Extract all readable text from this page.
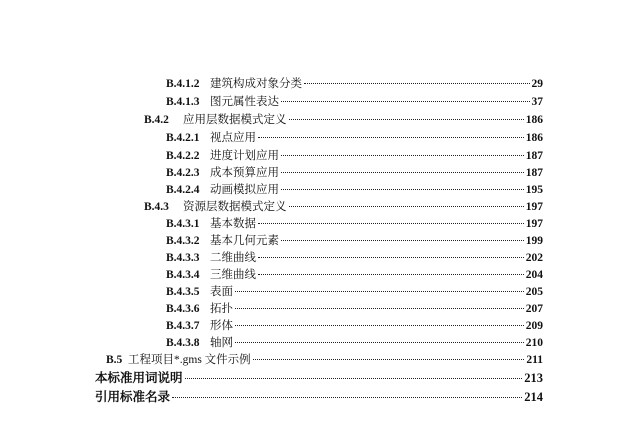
B.4.1.2 建筑构成对象分类	29
B.4.1.3 图元属性表达	37
B.4.2	应用层数据模式定义	186
B.4.2.1 视点应用	186
B.4.2.2 进度计划应用	187
B.4.2.3 成本预算应用	187
B.4.2.4 动画模拟应用	195
B.4.3	资源层数据模式定义	197
B.4.3.1 基本数据	197
B.4.3.2 基本几何元素	199
B.4.3.3 二维曲线	202
B.4.3.4 三维曲线	204
B.4.3.5 表面	205
B.4.3.6 拓扑	207
B.4.3.7 形体	209
B.4.3.8 轴网	210
B.5 工程项目*.gms 文件示例	211
本标准用词说明	213
引用标准名录	214
